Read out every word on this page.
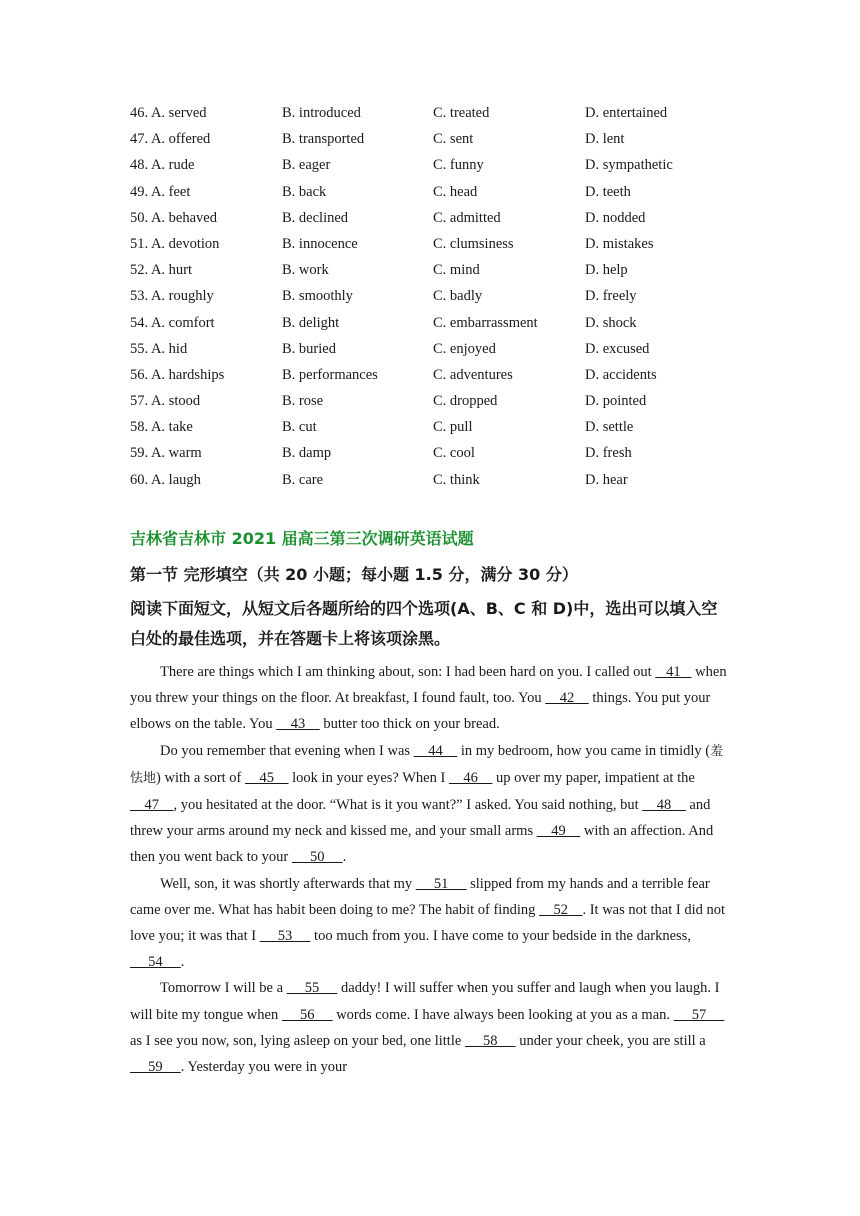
46. A. served	B. introduced	C. treated	D. entertained
47. A. offered	B. transported	C. sent	D. lent
48. A. rude	B. eager	C. funny	D. sympathetic
49. A. feet	B. back	C. head	D. teeth
50. A. behaved	B. declined	C. admitted	D. nodded
51. A. devotion	B. innocence	C. clumsiness	D. mistakes
52. A. hurt	B. work	C. mind	D. help
53. A. roughly	B. smoothly	C. badly	D. freely
54. A. comfort	B. delight	C. embarrassment	D. shock
55. A. hid	B. buried	C. enjoyed	D. excused
56. A. hardships	B. performances	C. adventures	D. accidents
57. A. stood	B. rose	C. dropped	D. pointed
58. A. take	B. cut	C. pull	D. settle
59. A. warm	B. damp	C. cool	D. fresh
60. A. laugh	B. care	C. think	D. hear
吉林省吉林市 2021 届高三第三次调研英语试题
第一节 完形填空（共 20 小题；每小题 1.5 分，满分 30 分）
阅读下面短文，从短文后各题所给的四个选项(A、B、C 和 D)中，选出可以填入空白处的最佳选项，并在答题卡上将该项涂黑。

There are things which I am thinking about, son: I had been hard on you. I called out    41    when you threw your things on the floor. At breakfast, I found fault, too. You     42     things. You put your elbows on the table. You     43     butter too thick on your bread.

Do you remember that evening when I was     44     in my bedroom, how you came in timidly (羞怯地) with a sort of     45     look in your eyes? When I     46     up over my paper, impatient at the     47    , you hesitated at the door. “What is it you want?” I asked. You said nothing, but     48     and threw your arms around my neck and kissed me, and your small arms     49     with an affection. And then you went back to your      50     .

Well, son, it was shortly afterwards that my      51      slipped from my hands and a terrible fear came over me. What has habit been doing to me? The habit of finding     52    . It was not that I did not love you; it was that I      53      too much from you. I have come to your bedside in the darkness,      54     .

Tomorrow I will be a      55      daddy! I will suffer when you suffer and laugh when you laugh. I will bite my tongue when      56      words come. I have always been looking at you as a man.      57      as I see you now, son, lying asleep on your bed, one little      58      under your cheek, you are still a      59     . Yesterday you were in your
